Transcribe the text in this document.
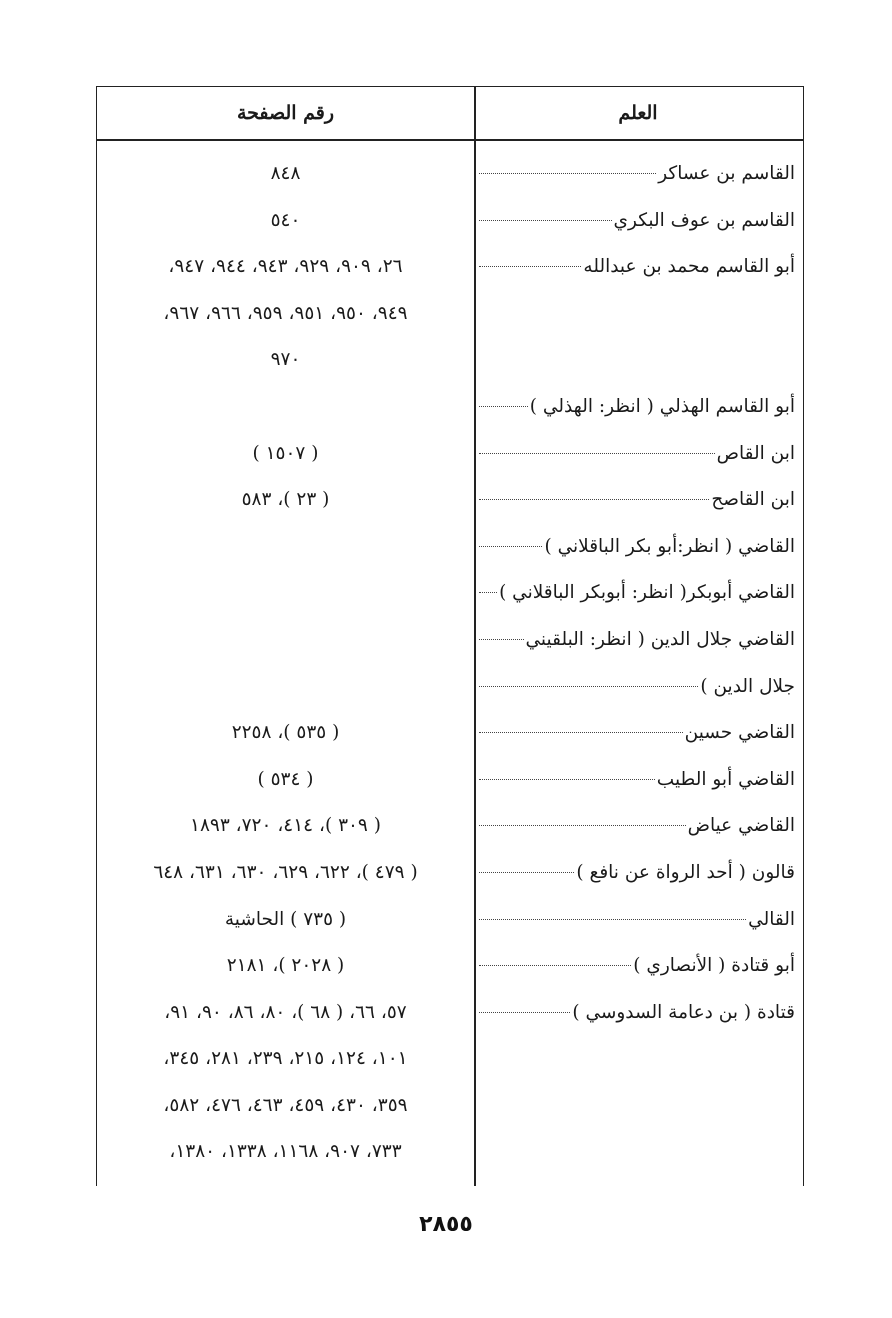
العلم
رقم الصفحة
القاسم بن عساكر
القاسم بن عوف البكري
أبو القاسم محمد بن عبدالله
أبو القاسم الهذلي ( انظر: الهذلي )
ابن القاص
ابن القاصح
القاضي ( انظر:أبو بكر الباقلاني )
القاضي أبوبكر( انظر: أبوبكر الباقلاني )
القاضي جلال الدين ( انظر: البلقيني
جلال الدين )
القاضي حسين
القاضي أبو الطيب
القاضي عياض
قالون ( أحد الرواة عن نافع )
القالي
أبو قتادة ( الأنصاري )
قتادة ( بن دعامة السدوسي )
٨٤٨
٥٤٠
٢٦، ٩٠٩، ٩٢٩، ٩٤٣، ٩٤٤، ٩٤٧،
٩٤٩، ٩٥٠، ٩٥١، ٩٥٩، ٩٦٦، ٩٦٧،
٩٧٠
( ١٥٠٧ )
( ٢٣ )، ٥٨٣
( ٥٣٥ )، ٢٢٥٨
( ٥٣٤ )
( ٣٠٩ )، ٤١٤، ٧٢٠، ١٨٩٣
( ٤٧٩ )، ٦٢٢، ٦٢٩، ٦٣٠، ٦٣١، ٦٤٨
( ٧٣٥ ) الحاشية
( ٢٠٢٨ )، ٢١٨١
٥٧، ٦٦، ( ٦٨ )، ٨٠، ٨٦، ٩٠، ٩١،
١٠١، ١٢٤، ٢١٥، ٢٣٩، ٢٨١، ٣٤٥،
٣٥٩، ٤٣٠، ٤٥٩، ٤٦٣، ٤٧٦، ٥٨٢،
٧٣٣، ٩٠٧، ١١٦٨، ١٣٣٨، ١٣٨٠،
٢٨٥٥
